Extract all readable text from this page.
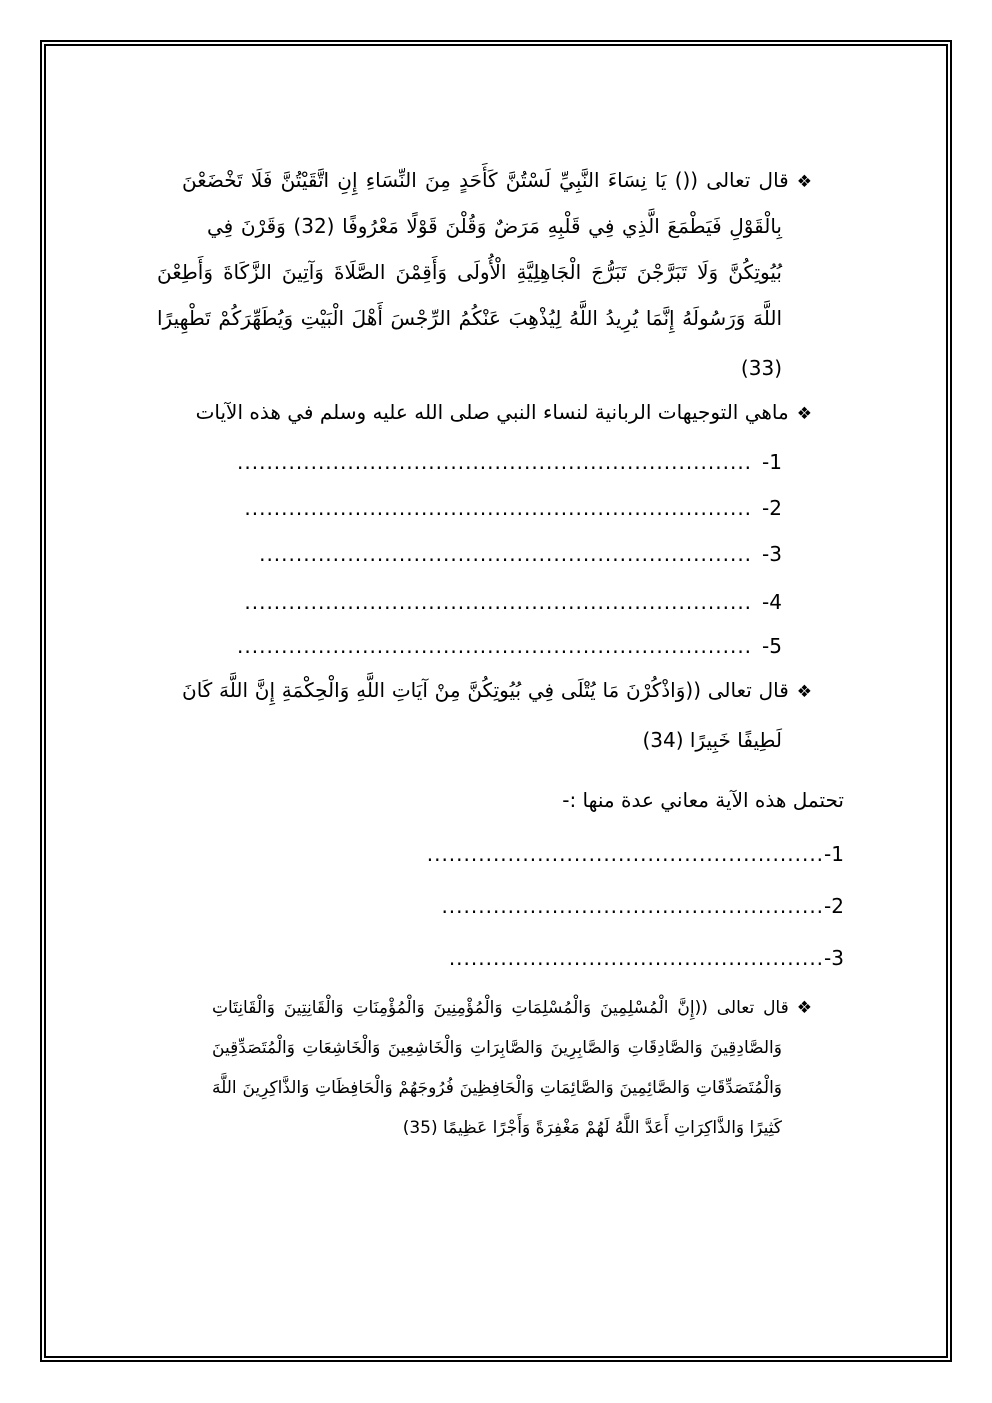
❖قال تعالى (() يَا نِسَاءَ النَّبِيِّ لَسْتُنَّ كَأَحَدٍ مِنَ النِّسَاءِ إِنِ اتَّقَيْتُنَّ فَلَا تَخْضَعْنَ
بِالْقَوْلِ فَيَطْمَعَ الَّذِي فِي قَلْبِهِ مَرَضٌ وَقُلْنَ قَوْلًا مَعْرُوفًا (32) وَقَرْنَ فِي
بُيُوتِكُنَّ وَلَا تَبَرَّجْنَ تَبَرُّجَ الْجَاهِلِيَّةِ الْأُولَى وَأَقِمْنَ الصَّلَاةَ وَآتِينَ الزَّكَاةَ وَأَطِعْنَ
اللَّهَ وَرَسُولَهُ إِنَّمَا يُرِيدُ اللَّهُ لِيُذْهِبَ عَنْكُمُ الرِّجْسَ أَهْلَ الْبَيْتِ وَيُطَهِّرَكُمْ تَطْهِيرًا
(33)
❖ماهي التوجيهات الربانية لنساء النبي صلى الله عليه وسلم في هذه الآيات
1-......................................................................
2-.....................................................................
3-...................................................................
4-.....................................................................
5-......................................................................
❖قال تعالى ((وَاذْكُرْنَ مَا يُتْلَى فِي بُيُوتِكُنَّ مِنْ آيَاتِ اللَّهِ وَالْحِكْمَةِ إِنَّ اللَّهَ كَانَ
لَطِيفًا خَبِيرًا (34)
تحتمل هذه الآية معاني عدة منها :-
1-......................................................
2-....................................................
3-...................................................
❖قال تعالى ((إِنَّ الْمُسْلِمِينَ وَالْمُسْلِمَاتِ وَالْمُؤْمِنِينَ وَالْمُؤْمِنَاتِ وَالْقَانِتِينَ وَالْقَانِتَاتِ
وَالصَّادِقِينَ وَالصَّادِقَاتِ وَالصَّابِرِينَ وَالصَّابِرَاتِ وَالْخَاشِعِينَ وَالْخَاشِعَاتِ وَالْمُتَصَدِّقِينَ
وَالْمُتَصَدِّقَاتِ وَالصَّائِمِينَ وَالصَّائِمَاتِ وَالْحَافِظِينَ فُرُوجَهُمْ وَالْحَافِظَاتِ وَالذَّاكِرِينَ اللَّهَ
كَثِيرًا وَالذَّاكِرَاتِ أَعَدَّ اللَّهُ لَهُمْ مَغْفِرَةً وَأَجْرًا عَظِيمًا (35)
